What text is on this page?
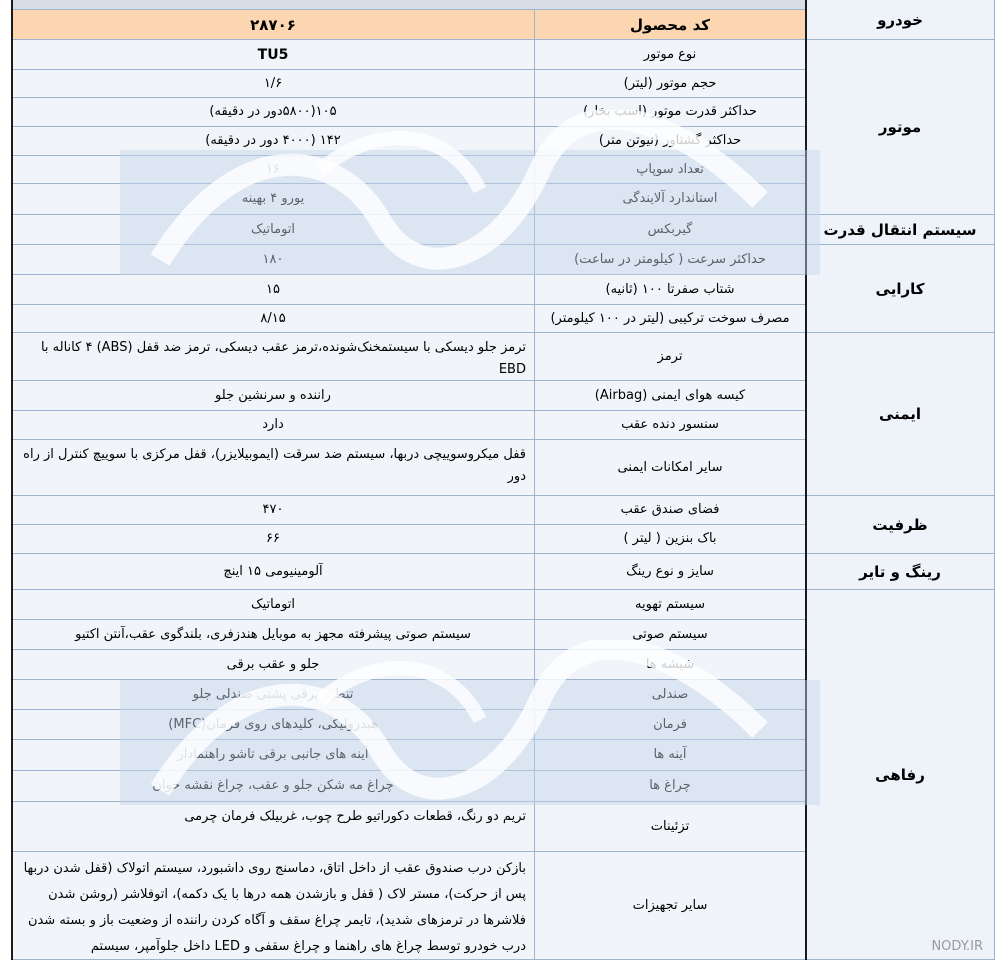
خودرو
موتور
سیستم انتقال قدرت
کارایی
ایمنی
ظرفیت
رینگ و تایر
رفاهی
کد محصول
۲۸۷۰۶
نوع موتور
TU5
حجم موتور (لیتر)
۱/۶
حداکثر قدرت موتور (اسب بخار)
۱۰۵(۵۸۰۰دور در دقیقه)
حداکثر گشتاور (نیوتن متر)
۱۴۲ (۴۰۰۰ دور در دقیقه)
تعداد سوپاپ
۱۶
استاندارد آلایندگی
یورو ۴ بهینه
گیربکس
اتوماتیک
حداکثر سرعت ( کیلومتر در ساعت)
۱۸۰
شتاب صفرتا ۱۰۰ (ثانیه)
۱۵
مصرف سوخت ترکیبی (لیتر در ۱۰۰ کیلومتر)
۸/۱۵
ترمز
ترمز جلو دیسکی با سیستمخنک‌شونده،ترمز عقب دیسکی، ترمز ضد قفل (ABS) ۴ کاناله با EBD
کیسه هوای ایمنی (Airbag)
راننده و سرنشین جلو
سنسور دنده عقب
دارد
سایر امکانات ایمنی
قفل میکروسوییچی دربها، سیستم ضد سرقت (ایموبیلایزر)، قفل مرکزی با سوییچ کنترل از راه دور
فضای صندق عقب
۴۷۰
باک بنزین ( لیتر )
۶۶
سایز و نوع رینگ
آلومینیومی ۱۵ اینچ
سیستم تهویه
اتوماتیک
سیستم صوتی
سیستم صوتی پیشرفته مجهز به موبایل هندزفری، بلندگوی عقب،آنتن اکتیو
شیشه ها
جلو و عقب برقی
صندلی
تنظیم برقی پشتی صندلی جلو
فرمان
هیدرولیکی، کلیدهای روی فرمان(MFC)
آینه ها
آینه های جانبی برقی تاشو راهنمادار
چراغ ها
چراغ مه شکن جلو و عقب، چراغ نقشه خوان
تزئینات
تریم دو رنگ، قطعات دکوراتیو طرح چوب، غربیلک فرمان چرمی
سایر تجهیزات
بازکن درب صندوق عقب از داخل اتاق، دماسنج روی داشبورد، سیستم اتولاک (قفل شدن دربها پس از حرکت)، مستر لاک ( قفل و بازشدن همه درها با یک دکمه)، اتوفلاشر (روشن شدن فلاشرها در ترمزهای شدید)، تایمر چراغ سقف و آگاه کردن راننده از وضعیت باز و بسته شدن درب خودرو توسط چراغ های راهنما و چراغ سقفی و LED داخل جلوآمپر، سیستم	NODY.IR
